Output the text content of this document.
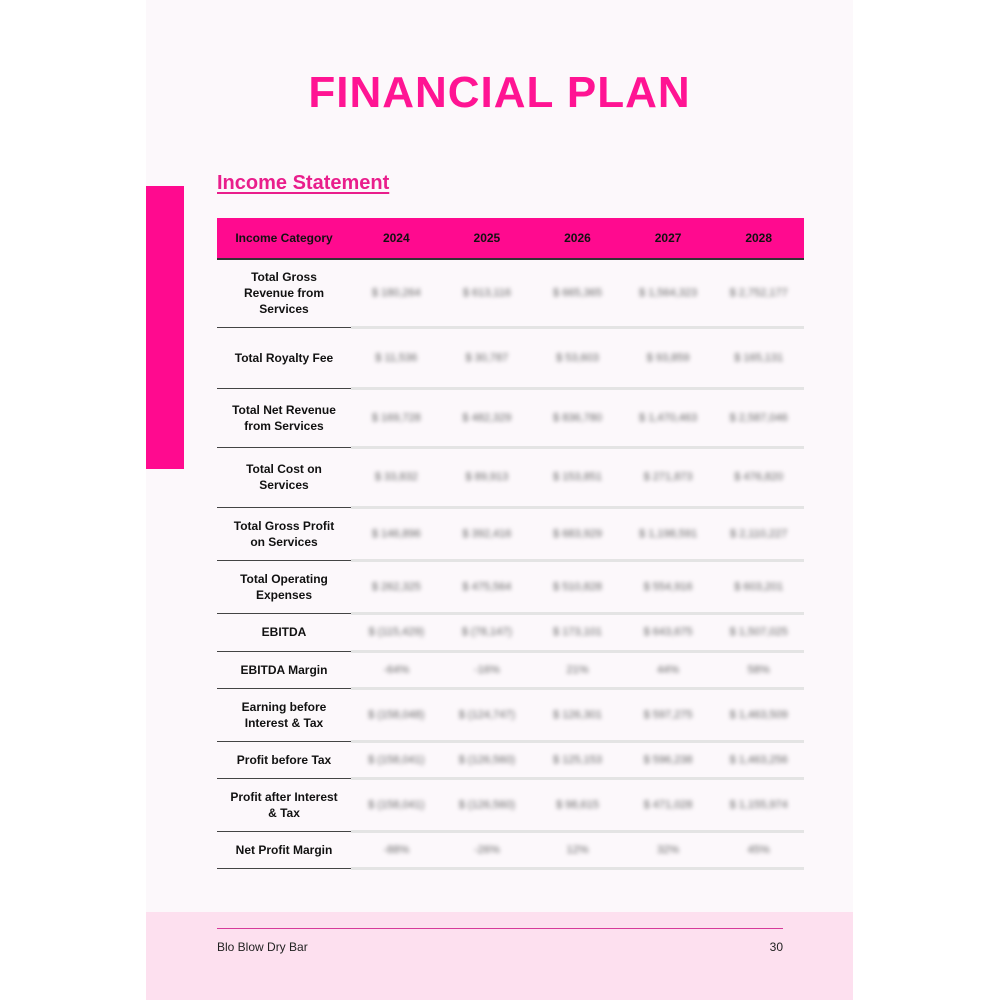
FINANCIAL PLAN
Income Statement
Income Category	2024	2025	2026	2027	2028
Total Gross Revenue from Services	$ 180,264	$ 613,116	$ 665,365	$ 1,564,323	$ 2,752,177
Total Royalty Fee	$ 11,536	$ 30,787	$ 53,603	$ 93,859	$ 165,131
Total Net Revenue from Services	$ 169,728	$ 482,329	$ 836,780	$ 1,470,463	$ 2,587,046
Total Cost on Services	$ 33,832	$ 89,913	$ 153,851	$ 271,873	$ 476,820
Total Gross Profit on Services	$ 146,896	$ 392,416	$ 683,929	$ 1,198,591	$ 2,110,227
Total Operating Expenses	$ 262,325	$ 475,564	$ 510,828	$ 554,916	$ 603,201
EBITDA	$ (115,429)	$ (78,147)	$ 173,101	$ 643,675	$ 1,507,025
EBITDA Margin	-64%	-16%	21%	44%	58%
Earning before Interest & Tax	$ (158,048)	$ (124,747)	$ 126,301	$ 597,275	$ 1,463,509
Profit before Tax	$ (158,041)	$ (126,560)	$ 125,153	$ 596,238	$ 1,463,256
Profit after Interest & Tax	$ (158,041)	$ (126,560)	$ 98,615	$ 471,028	$ 1,155,974
Net Profit Margin	-88%	-26%	12%	32%	45%
Blo Blow Dry Bar	30
